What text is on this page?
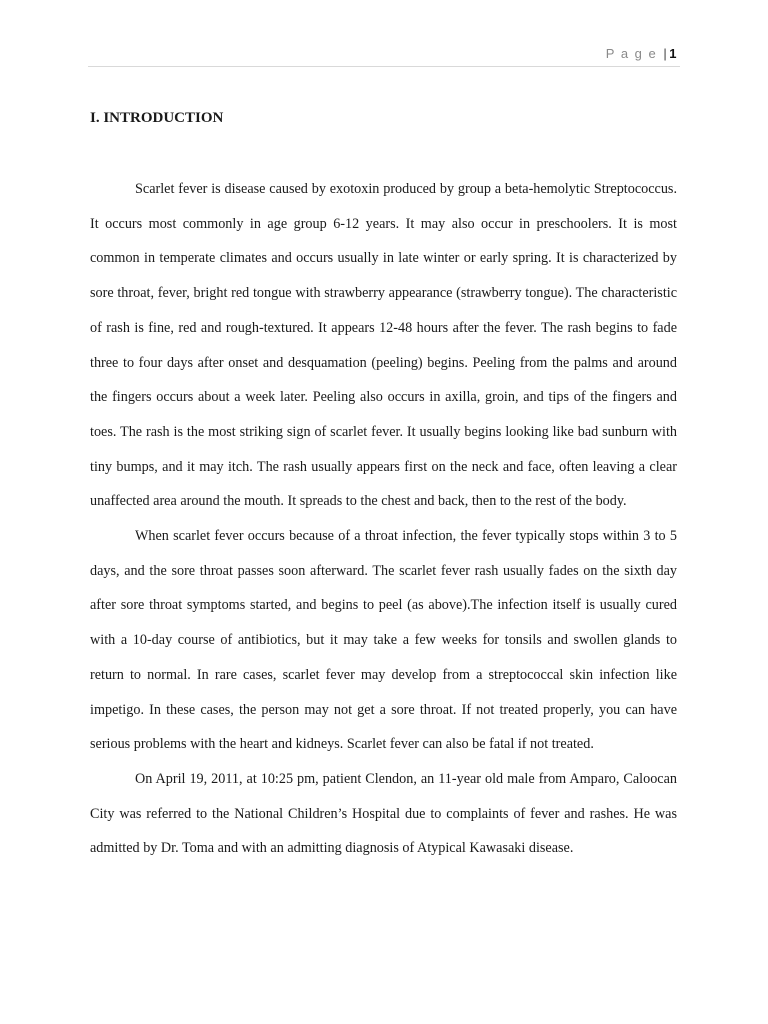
P a g e |1
I. INTRODUCTION

Scarlet fever is disease caused by exotoxin produced by group a beta-hemolytic Streptococcus. It occurs most commonly in age group 6-12 years. It may also occur in preschoolers. It is most common in temperate climates and occurs usually in late winter or early spring. It is characterized by sore throat, fever, bright red tongue with strawberry appearance (strawberry tongue). The characteristic of rash is fine, red and rough-textured. It appears 12-48 hours after the fever. The rash begins to fade three to four days after onset and desquamation (peeling) begins. Peeling from the palms and around the fingers occurs about a week later. Peeling also occurs in axilla, groin, and tips of the fingers and toes. The rash is the most striking sign of scarlet fever. It usually begins looking like bad sunburn with tiny bumps, and it may itch. The rash usually appears first on the neck and face, often leaving a clear unaffected area around the mouth. It spreads to the chest and back, then to the rest of the body.

When scarlet fever occurs because of a throat infection, the fever typically stops within 3 to 5 days, and the sore throat passes soon afterward. The scarlet fever rash usually fades on the sixth day after sore throat symptoms started, and begins to peel (as above).The infection itself is usually cured with a 10-day course of antibiotics, but it may take a few weeks for tonsils and swollen glands to return to normal. In rare cases, scarlet fever may develop from a streptococcal skin infection like impetigo. In these cases, the person may not get a sore throat. If not treated properly, you can have serious problems with the heart and kidneys. Scarlet fever can also be fatal if not treated.

On April 19, 2011, at 10:25 pm, patient Clendon, an 11-year old male from Amparo, Caloocan City was referred to the National Children’s Hospital due to complaints of fever and rashes. He was admitted by Dr. Toma and with an admitting diagnosis of Atypical Kawasaki disease.
